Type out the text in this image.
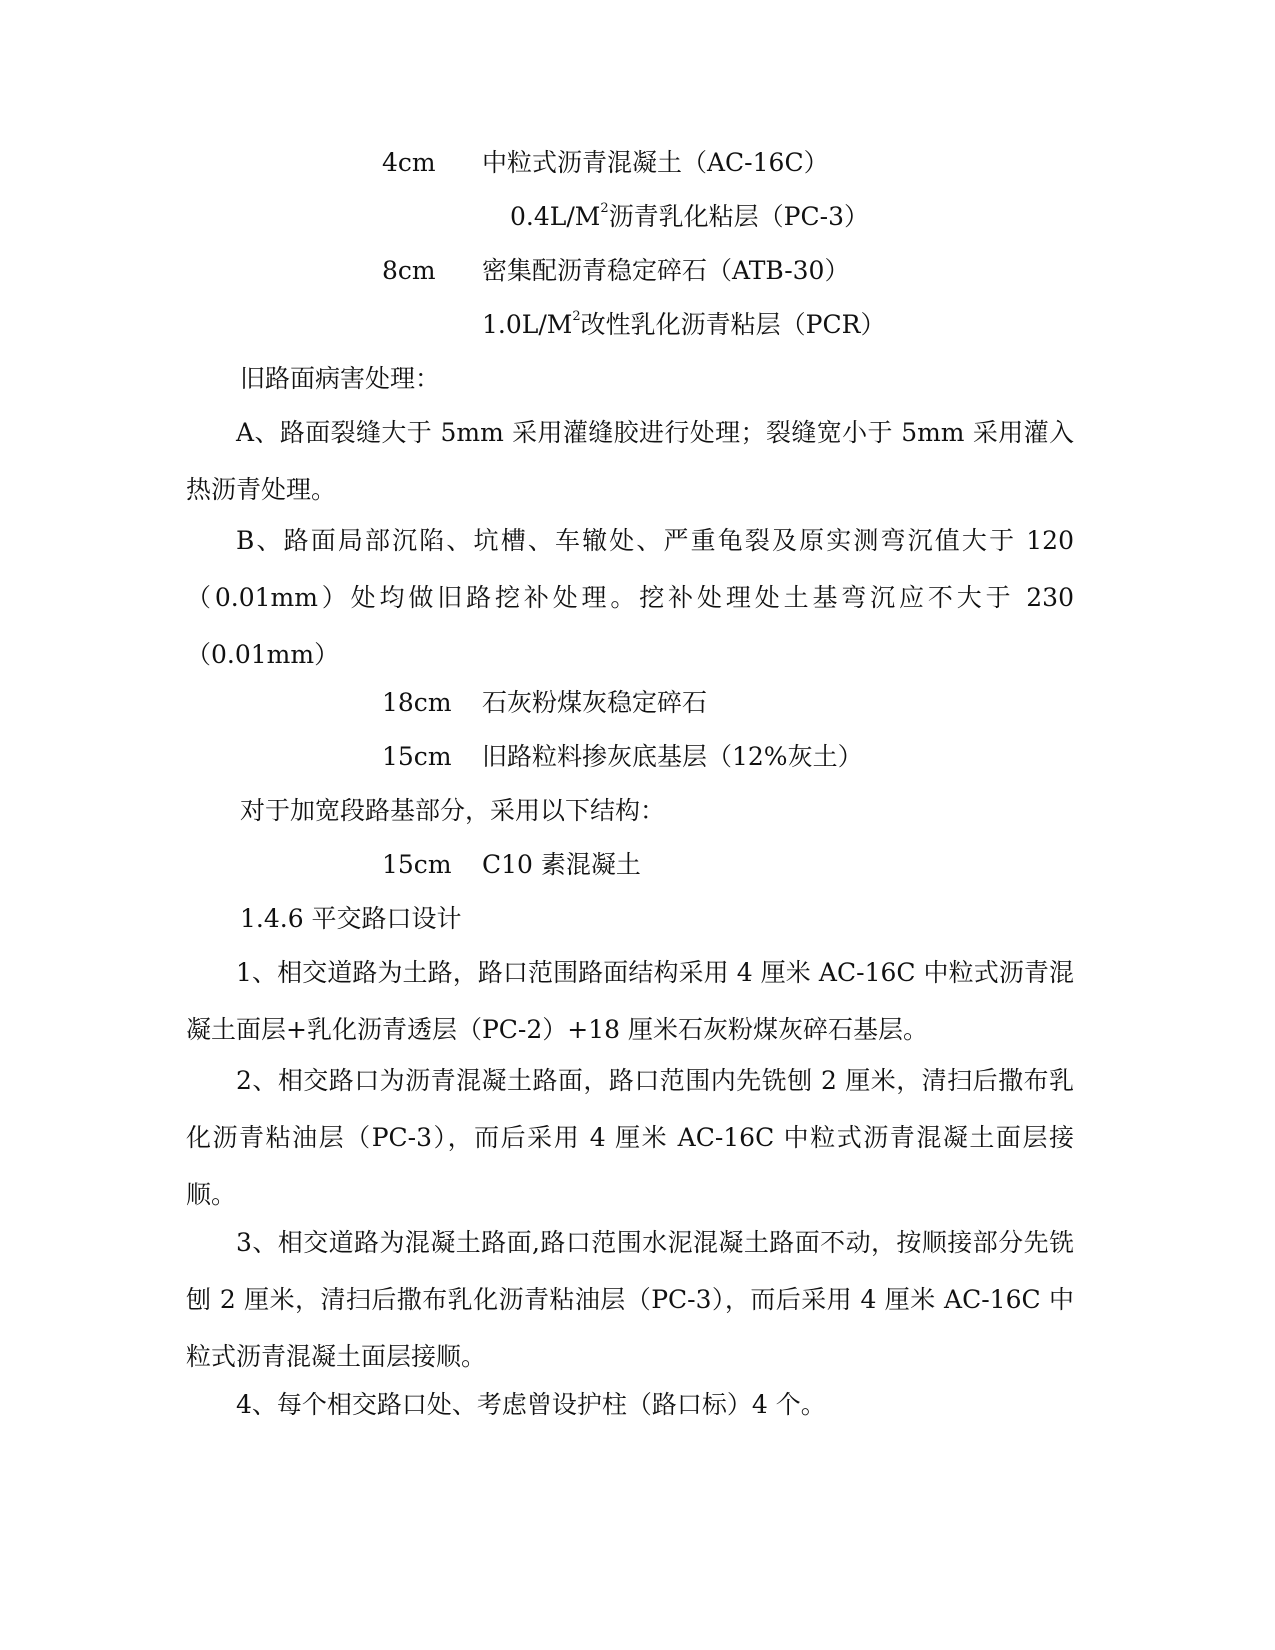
4cm 中粒式沥青混凝土（AC-16C）
$0.4L/M^2$沥青乳化粘层（PC-3）
8cm 密集配沥青稳定碎石（ATB-30）
$1.0L/M^2$改性乳化沥青粘层（PCR）
旧路面病害处理：

A、路面裂缝大于 5mm 采用灌缝胶进行处理；裂缝宽小于 5mm 采用灌入热沥青处理。

B、路面局部沉陷、坑槽、车辙处、严重龟裂及原实测弯沉值大于 120（0.01mm）处均做旧路挖补处理。挖补处理处土基弯沉应不大于 230（0.01mm）

18cm 石灰粉煤灰稳定碎石
15cm 旧路粒料掺灰底基层（12%灰土）
对于加宽段路基部分，采用以下结构：
15cm C10 素混凝土
1.4.6 平交路口设计

1、相交道路为土路，路口范围路面结构采用 4 厘米 AC-16C 中粒式沥青混凝土面层+乳化沥青透层（PC-2）+18 厘米石灰粉煤灰碎石基层。

2、相交路口为沥青混凝土路面，路口范围内先铣刨 2 厘米，清扫后撒布乳化沥青粘油层（PC-3），而后采用 4 厘米 AC-16C 中粒式沥青混凝土面层接顺。

3、相交道路为混凝土路面,路口范围水泥混凝土路面不动，按顺接部分先铣刨 2 厘米，清扫后撒布乳化沥青粘油层（PC-3），而后采用 4 厘米 AC-16C 中粒式沥青混凝土面层接顺。

4、每个相交路口处、考虑曾设护柱（路口标）4 个。
